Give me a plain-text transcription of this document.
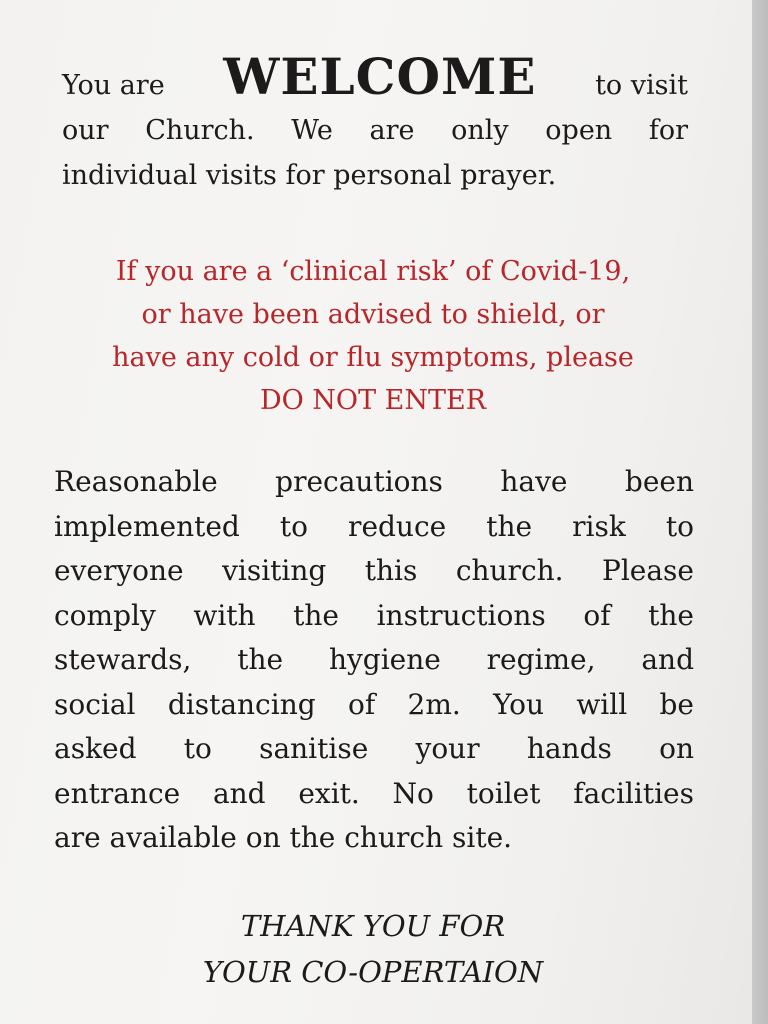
You are WELCOME to visit
our Church. We are only open for
individual visits for personal prayer.
If you are a ‘clinical risk’ of Covid-19,
or have been advised to shield, or
have any cold or flu symptoms, please
DO NOT ENTER
Reasonable precautions have been
implemented to reduce the risk to
everyone visiting this church. Please
comply with the instructions of the
stewards, the hygiene regime, and
social distancing of 2m. You will be
asked to sanitise your hands on
entrance and exit. No toilet facilities
are available on the church site.
THANK YOU FOR
YOUR CO-OPERTAION
